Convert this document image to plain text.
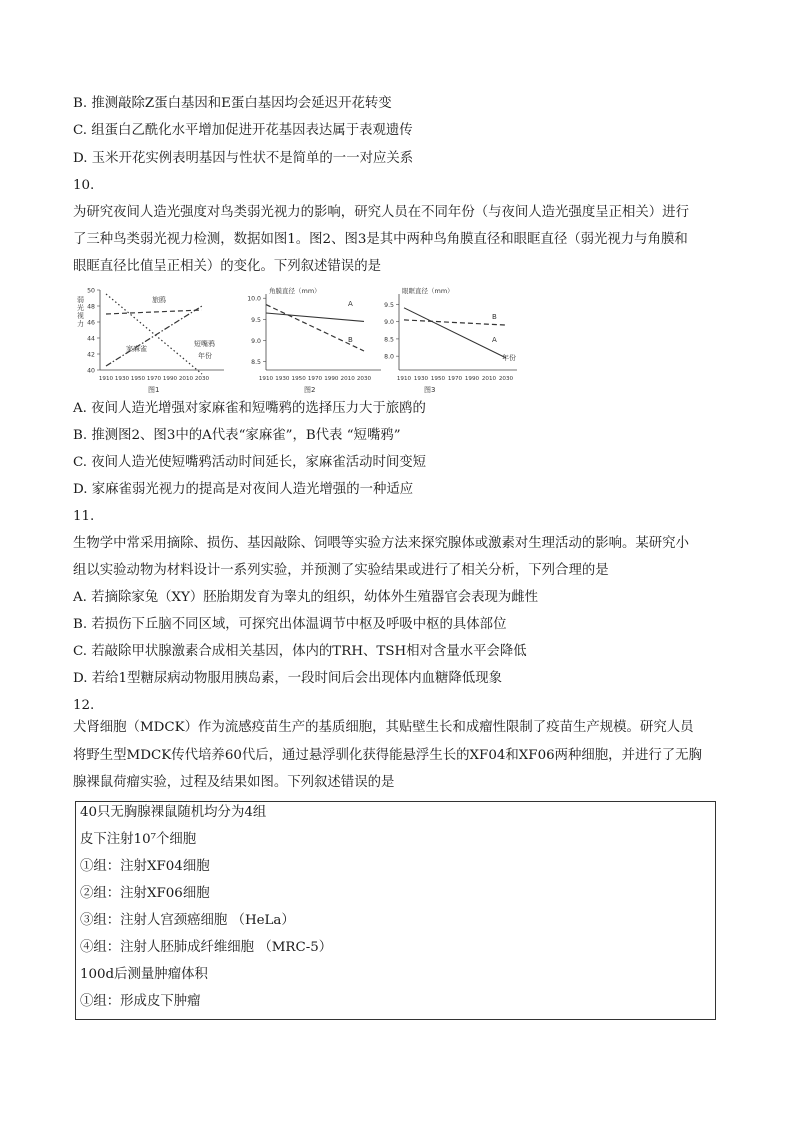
B. 推测敲除Z蛋白基因和E蛋白基因均会延迟开花转变
C. 组蛋白乙酰化水平增加促进开花基因表达属于表观遗传
D. 玉米开花实例表明基因与性状不是简单的一一对应关系
10.
为研究夜间人造光强度对鸟类弱光视力的影响，研究人员在不同年份（与夜间人造光强度呈正相关）进行
了三种鸟类弱光视力检测，数据如图1。图2、图3是其中两种鸟角膜直径和眼眶直径（弱光视力与角膜和
眼眶直径比值呈正相关）的变化。下列叙述错误的是
40
42
44
46
48
50
1910 1930 1950 1970 1990 2010 2030
旅鸥
家麻雀
短嘴鸦
弱
光
视
力
年份
图1
8.5
9.0
9.5
10.0
1910 1930 1950 1970 1990 2010 2030
A
B
角膜直径（mm）
图2
8.0
8.5
9.0
9.5
1910 1930 1950 1970 1990 2010 2030
A
B
眼眶直径（mm）
年份
图3
A. 夜间人造光增强对家麻雀和短嘴鸦的选择压力大于旅鸥的
B. 推测图2、图3中的A代表“家麻雀”，B代表 “短嘴鸦”
C. 夜间人造光使短嘴鸦活动时间延长，家麻雀活动时间变短
D. 家麻雀弱光视力的提高是对夜间人造光增强的一种适应
11.
生物学中常采用摘除、损伤、基因敲除、饲喂等实验方法来探究腺体或激素对生理活动的影响。某研究小
组以实验动物为材料设计一系列实验，并预测了实验结果或进行了相关分析，下列合理的是
A. 若摘除家兔（XY）胚胎期发育为睾丸的组织，幼体外生殖器官会表现为雌性
B. 若损伤下丘脑不同区域，可探究出体温调节中枢及呼吸中枢的具体部位
C. 若敲除甲状腺激素合成相关基因，体内的TRH、TSH相对含量水平会降低
D. 若给1型糖尿病动物服用胰岛素，一段时间后会出现体内血糖降低现象
12.
犬肾细胞（MDCK）作为流感疫苗生产的基质细胞，其贴壁生长和成瘤性限制了疫苗生产规模。研究人员
将野生型MDCK传代培养60代后，通过悬浮驯化获得能悬浮生长的XF04和XF06两种细胞，并进行了无胸
腺裸鼠荷瘤实验，过程及结果如图。下列叙述错误的是
40只无胸腺裸鼠随机均分为4组
皮下注射10⁷个细胞
①组：注射XF04细胞
②组：注射XF06细胞
③组：注射人宫颈癌细胞 （HeLa）
④组：注射人胚肺成纤维细胞 （MRC-5）
100d后测量肿瘤体积
①组：形成皮下肿瘤
